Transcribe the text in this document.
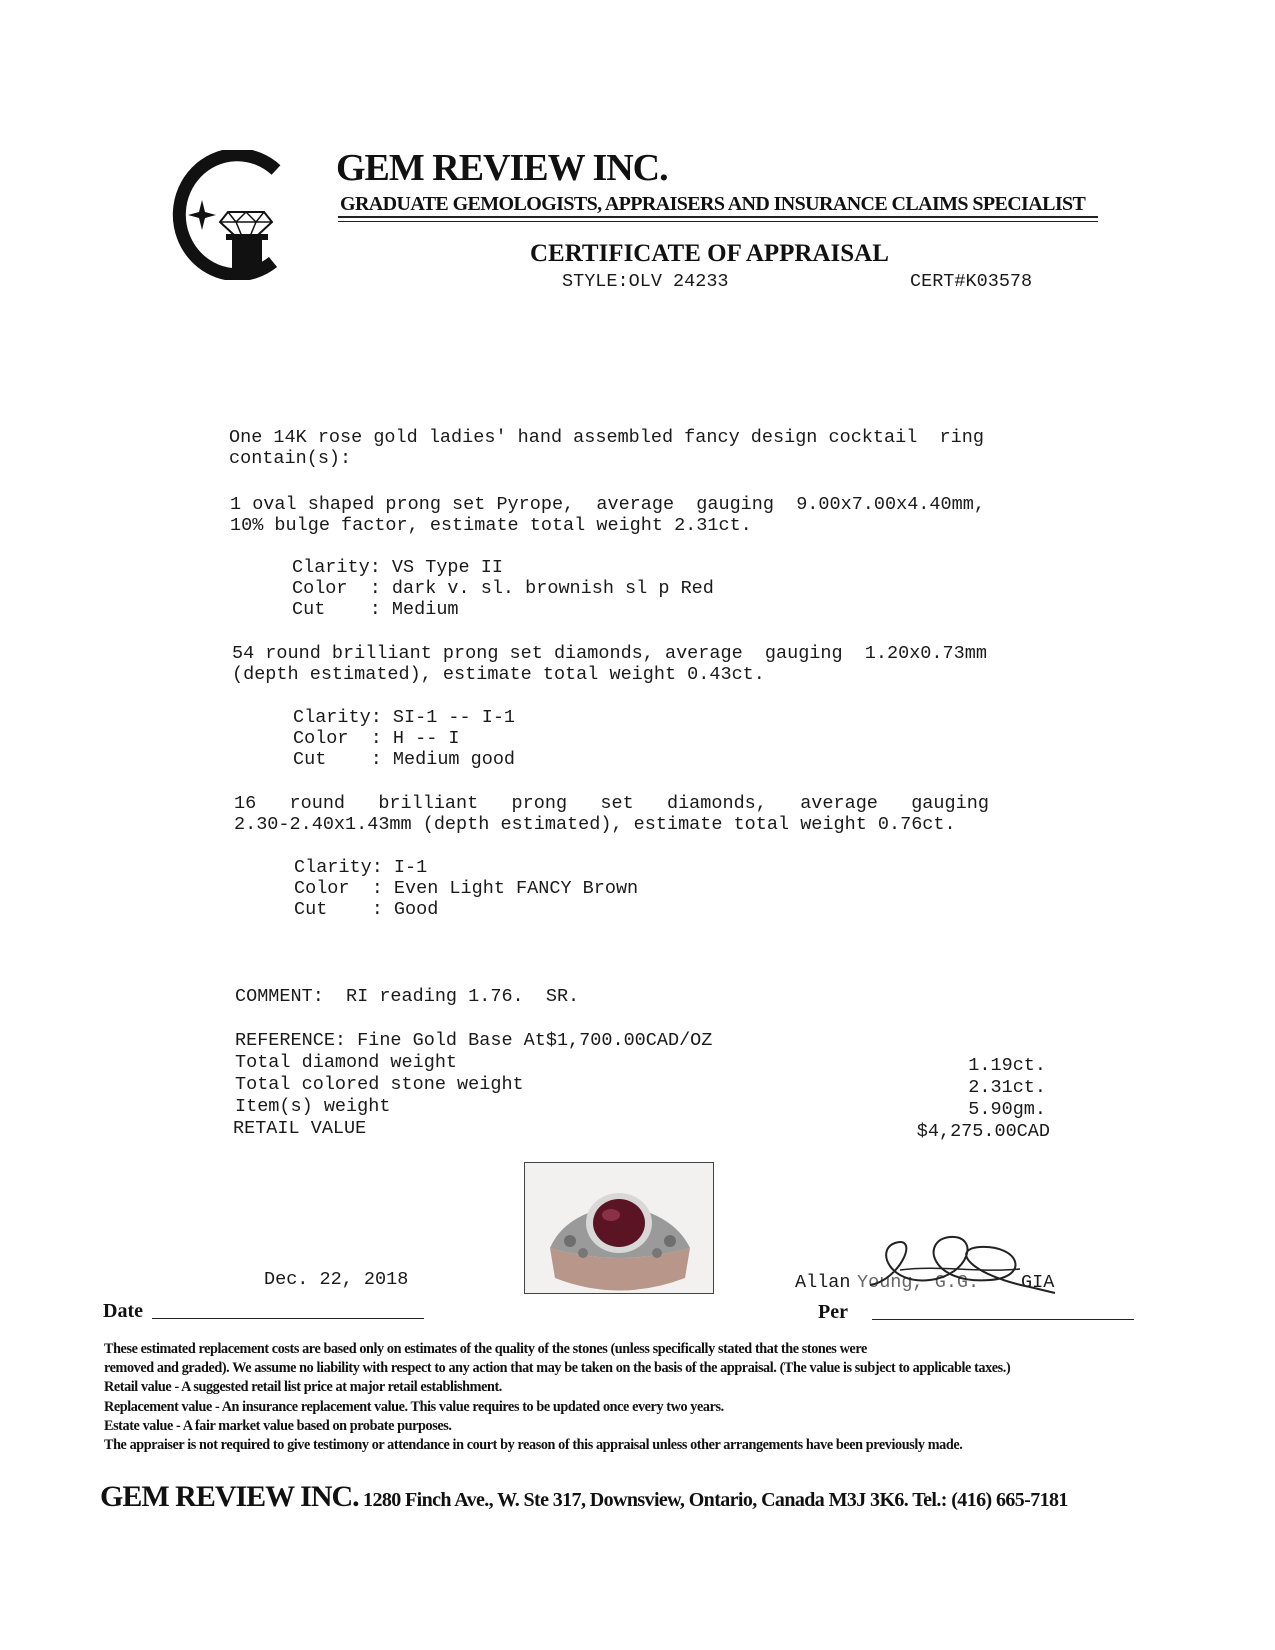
GEM REVIEW INC.
GRADUATE GEMOLOGISTS, APPRAISERS AND INSURANCE CLAIMS SPECIALIST
CERTIFICATE OF APPRAISAL
STYLE:OLV 24233	CERT#K03578
One 14K rose gold ladies' hand assembled fancy design cocktail  ring
contain(s):
1 oval shaped prong set Pyrope,  average  gauging  9.00x7.00x4.40mm,
10% bulge factor, estimate total weight 2.31ct.
Clarity: VS Type II
Color  : dark v. sl. brownish sl p Red
Cut    : Medium
54 round brilliant prong set diamonds, average  gauging  1.20x0.73mm
(depth estimated), estimate total weight 0.43ct.
Clarity: SI-1 -- I-1
Color  : H -- I
Cut    : Medium good
16   round   brilliant   prong   set   diamonds,   average   gauging
2.30-2.40x1.43mm (depth estimated), estimate total weight 0.76ct.
Clarity: I-1
Color  : Even Light FANCY Brown
Cut    : Good
COMMENT:  RI reading 1.76.  SR.
REFERENCE: Fine Gold Base At$1,700.00CAD/OZ
Total diamond weight
Total colored stone weight
Item(s) weight
RETAIL VALUE
1.19ct.
2.31ct.
5.90gm.
$4,275.00CAD
Dec. 22, 2018
Date
Allan Young, G.G. GIA
Per
These estimated replacement costs are based only on estimates of the quality of the stones (unless specifically stated that the stones were
removed and graded). We assume no liability with respect to any action that may be taken on the basis of the appraisal. (The value is subject to applicable taxes.)
Retail value - A suggested retail list price at major retail establishment.
Replacement value - An insurance replacement value. This value requires to be updated once every two years.
Estate value - A fair market value based on probate purposes.
The appraiser is not required to give testimony or attendance in court by reason of this appraisal unless other arrangements have been previously made.
GEM REVIEW INC. 1280 Finch Ave., W. Ste 317, Downsview, Ontario, Canada M3J 3K6. Tel.: (416) 665-7181
